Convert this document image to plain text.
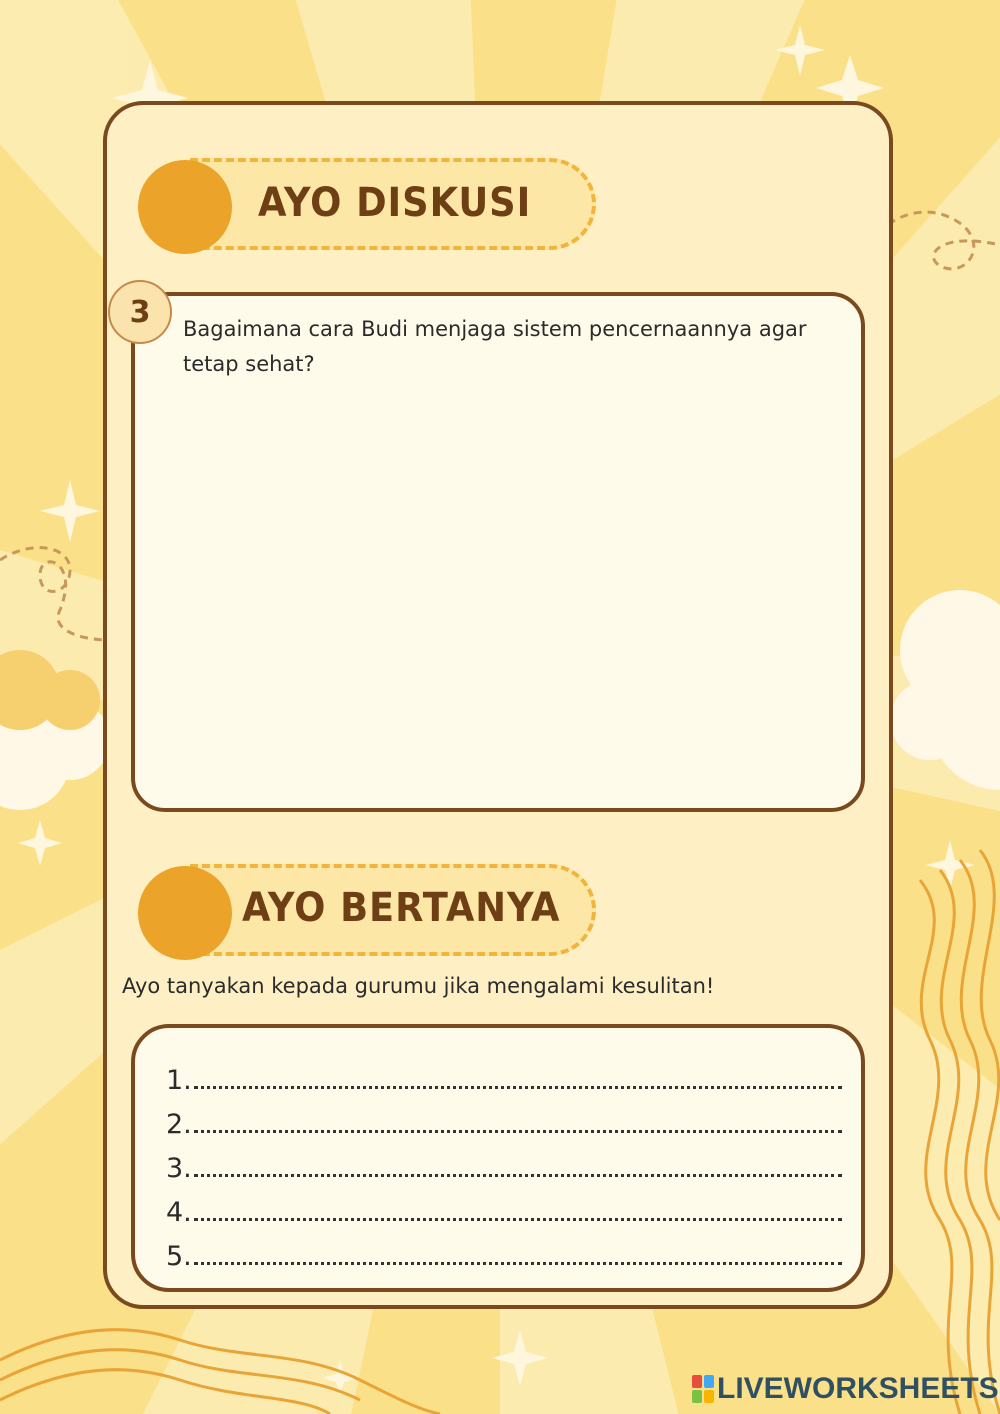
AYO DISKUSI
3	Bagaimana cara Budi menjaga sistem pencernaannya agar tetap sehat?
AYO BERTANYA
Ayo tanyakan kepada gurumu jika mengalami kesulitan!
1.
2.
3.
4.
5.
LIVEWORKSHEETS
